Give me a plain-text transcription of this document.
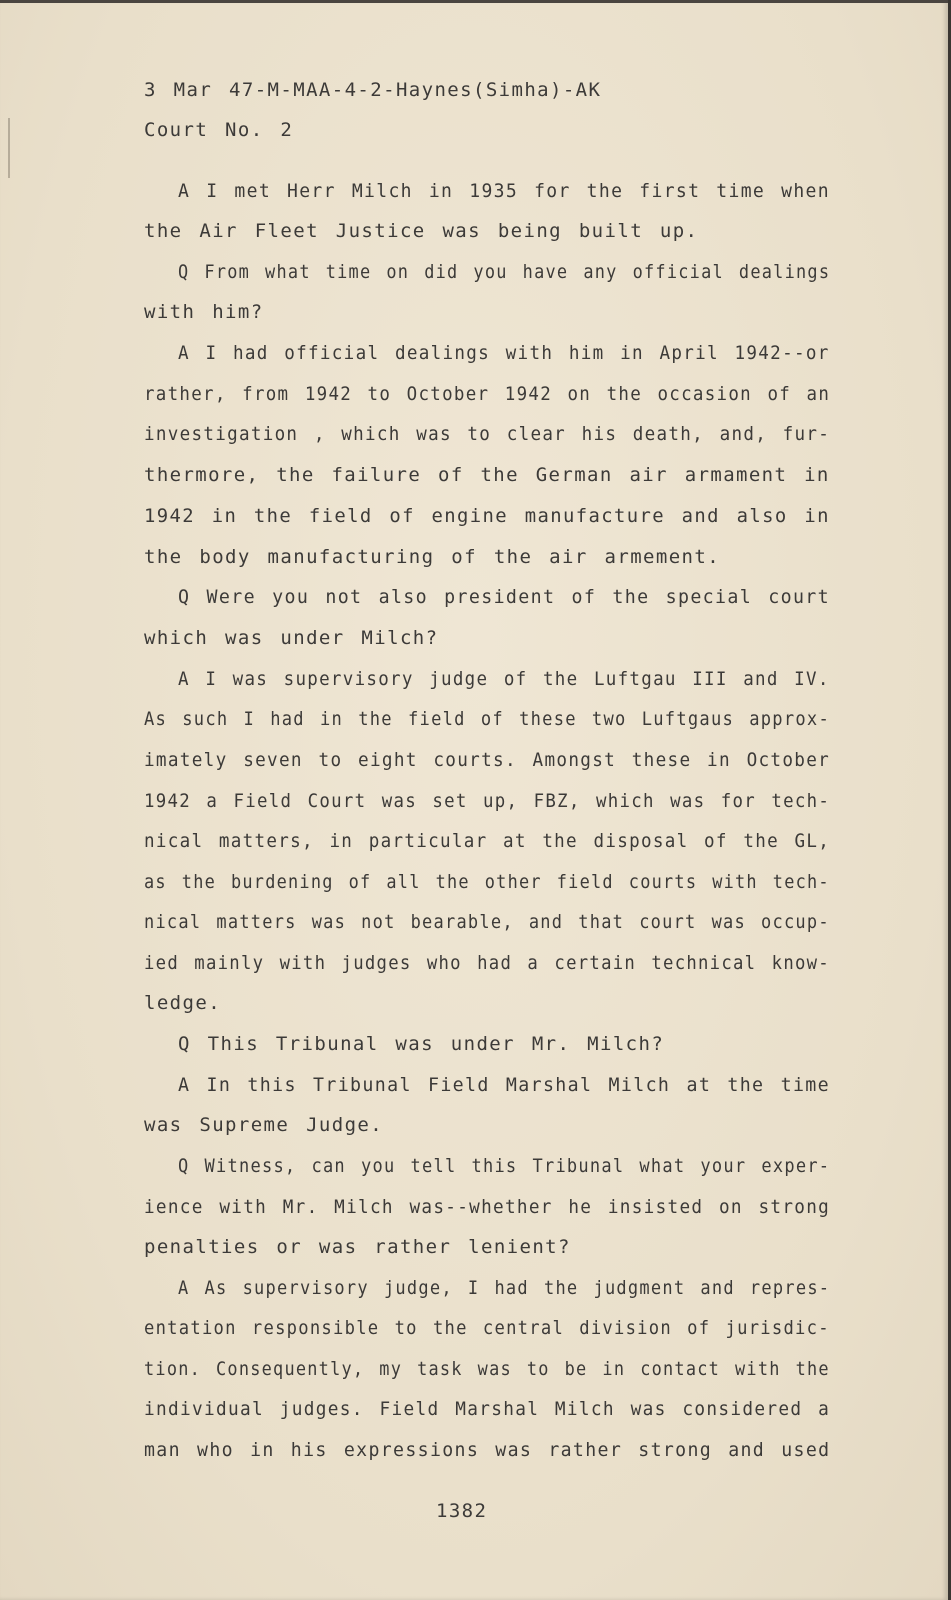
3 Mar 47-M-MAA-4-2-Haynes(Simha)-AK
Court No. 2
A I met Herr Milch in 1935 for the first time when
the Air Fleet Justice was being built up.
Q From what time on did you have any official dealings
with him?
A I had official dealings with him in April 1942--or
rather, from 1942 to October 1942 on the occasion of an
investigation , which was to clear his death, and, fur-
thermore, the failure of the German air armament in
1942 in the field of engine manufacture and also in
the body manufacturing of the air armement.
Q Were you not also president of the special court
which was under Milch?
A I was supervisory judge of the Luftgau III and IV.
As such I had in the field of these two Luftgaus approx-
imately seven to eight courts. Amongst these in October
1942 a Field Court was set up, FBZ, which was for tech-
nical matters, in particular at the disposal of the GL,
as the burdening of all the other field courts with tech-
nical matters was not bearable, and that court was occup-
ied mainly with judges who had a certain technical know-
ledge.
Q This Tribunal was under Mr. Milch?
A In this Tribunal Field Marshal Milch at the time
was Supreme Judge.
Q Witness, can you tell this Tribunal what your exper-
ience with Mr. Milch was--whether he insisted on strong
penalties or was rather lenient?
A As supervisory judge, I had the judgment and repres-
entation responsible to the central division of jurisdic-
tion. Consequently, my task was to be in contact with the
individual judges. Field Marshal Milch was considered a
man who in his expressions was rather strong and used
1382
